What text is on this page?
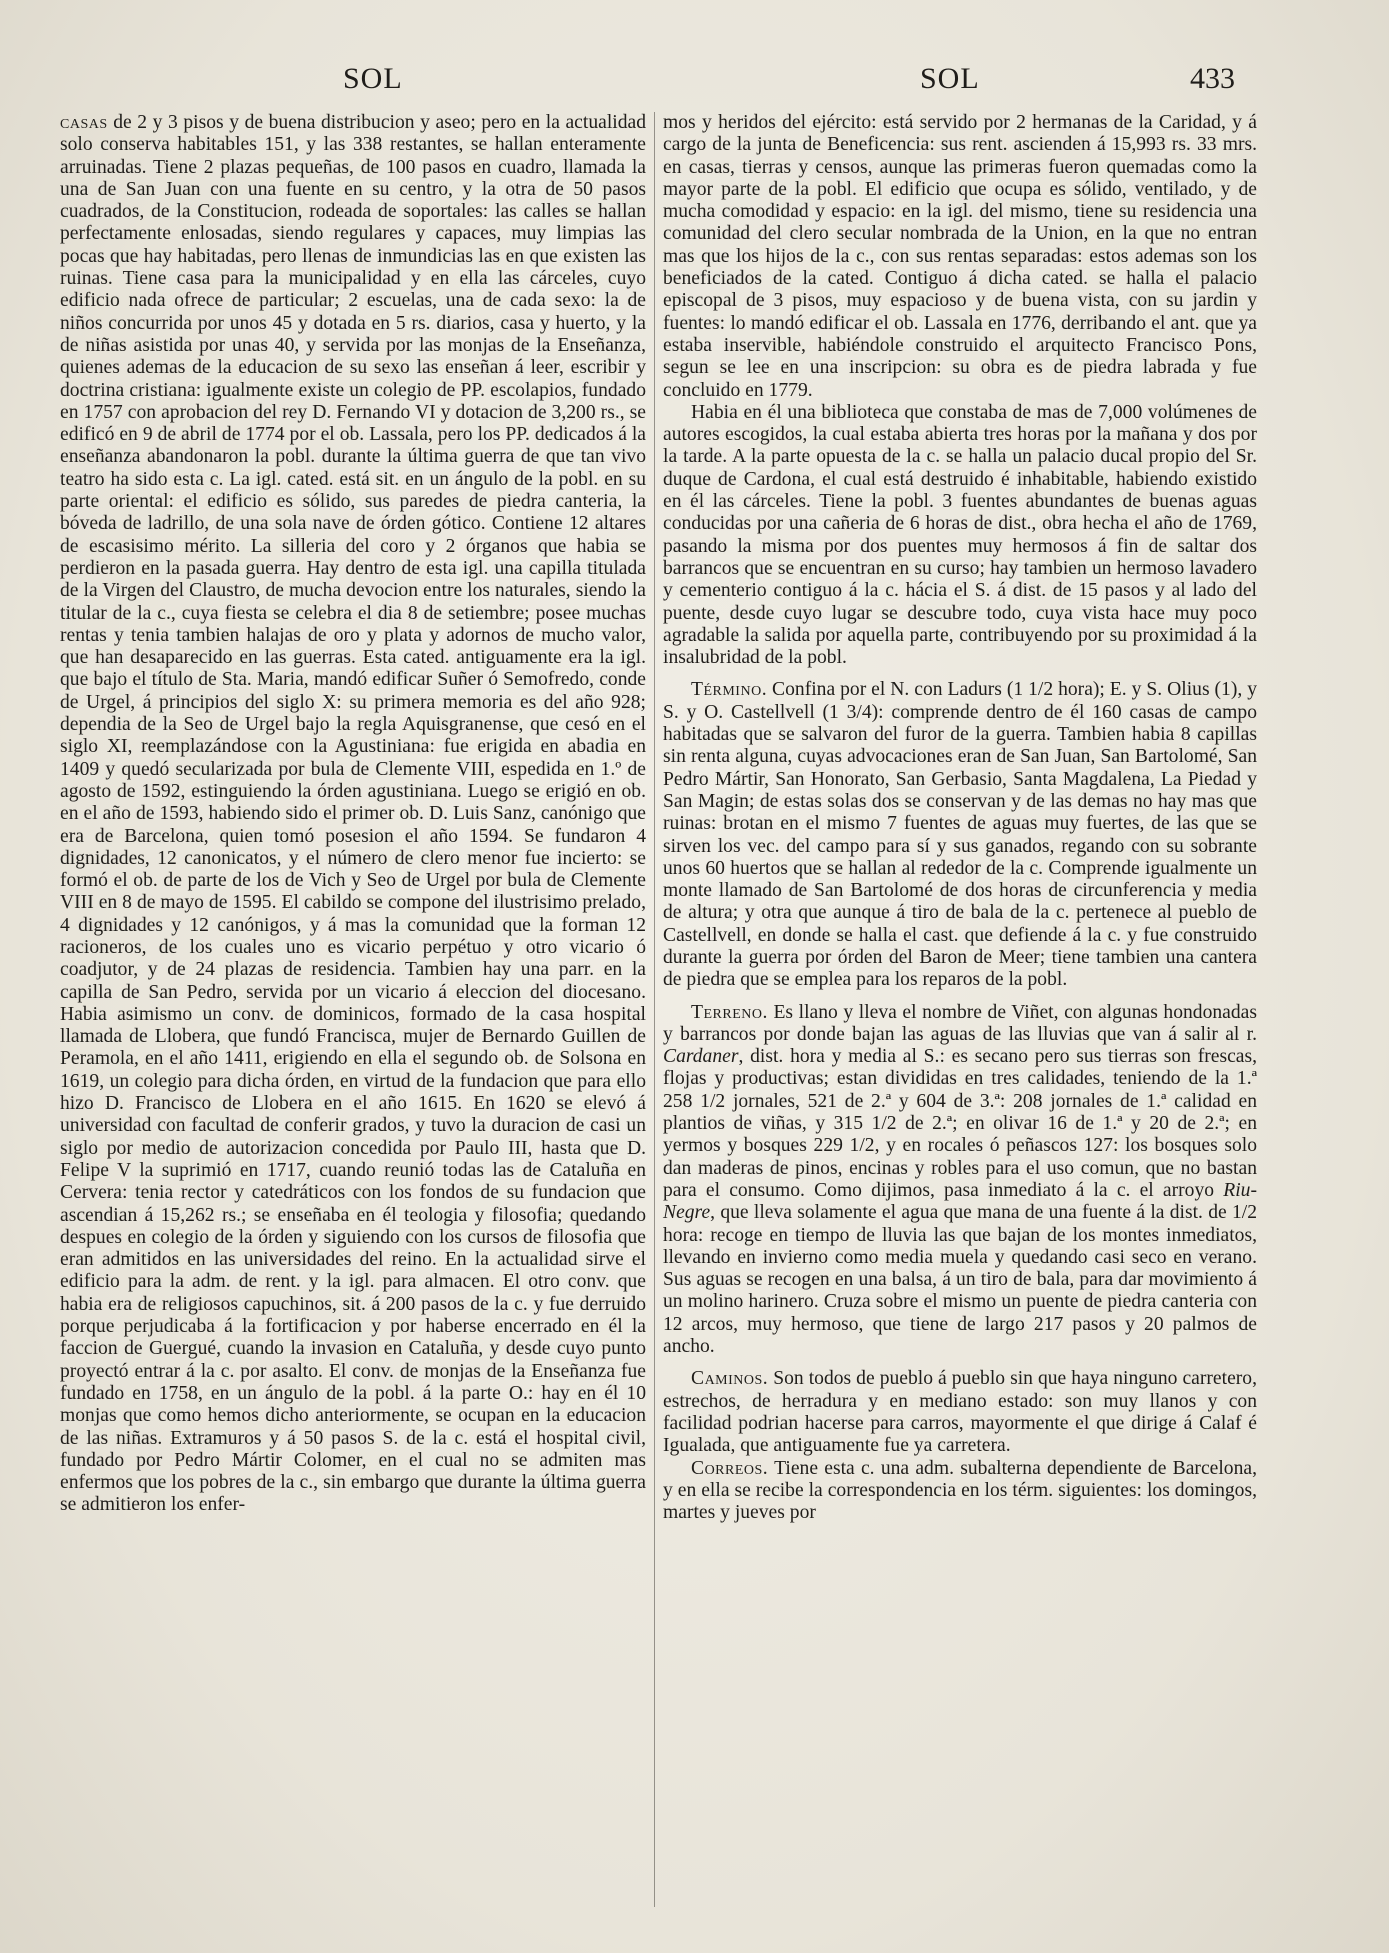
SOL	SOL	433

casas de 2 y 3 pisos y de buena distribucion y aseo; pero en la actualidad solo conserva habitables 151, y las 338 restantes, se hallan enteramente arruinadas. Tiene 2 plazas pequeñas, de 100 pasos en cuadro, llamada la una de San Juan con una fuente en su centro, y la otra de 50 pasos cuadrados, de la Constitucion, rodeada de soportales: las calles se hallan perfectamente enlosadas, siendo regulares y capaces, muy limpias las pocas que hay habitadas, pero llenas de inmundicias las en que existen las ruinas. Tiene casa para la municipalidad y en ella las cárceles, cuyo edificio nada ofrece de particular; 2 escuelas, una de cada sexo: la de niños concurrida por unos 45 y dotada en 5 rs. diarios, casa y huerto, y la de niñas asistida por unas 40, y servida por las monjas de la Enseñanza, quienes ademas de la educacion de su sexo las enseñan á leer, escribir y doctrina cristiana: igualmente existe un colegio de PP. escolapios, fundado en 1757 con aprobacion del rey D. Fernando VI y dotacion de 3,200 rs., se edificó en 9 de abril de 1774 por el ob. Lassala, pero los PP. dedicados á la enseñanza abandonaron la pobl. durante la última guerra de que tan vivo teatro ha sido esta c. La igl. cated. está sit. en un ángulo de la pobl. en su parte oriental: el edificio es sólido, sus paredes de piedra canteria, la bóveda de ladrillo, de una sola nave de órden gótico. Contiene 12 altares de escasisimo mérito. La silleria del coro y 2 órganos que habia se perdieron en la pasada guerra. Hay dentro de esta igl. una capilla titulada de la Virgen del Claustro, de mucha devocion entre los naturales, siendo la titular de la c., cuya fiesta se celebra el dia 8 de setiembre; posee muchas rentas y tenia tambien halajas de oro y plata y adornos de mucho valor, que han desaparecido en las guerras. Esta cated. antiguamente era la igl. que bajo el título de Sta. Maria, mandó edificar Suñer ó Semofredo, conde de Urgel, á principios del siglo X: su primera memoria es del año 928; dependia de la Seo de Urgel bajo la regla Aquisgranense, que cesó en el siglo XI, reemplazándose con la Agustiniana: fue erigida en abadia en 1409 y quedó secularizada por bula de Clemente VIII, espedida en 1.º de agosto de 1592, estinguiendo la órden agustiniana. Luego se erigió en ob. en el año de 1593, habiendo sido el primer ob. D. Luis Sanz, canónigo que era de Barcelona, quien tomó posesion el año 1594. Se fundaron 4 dignidades, 12 canonicatos, y el número de clero menor fue incierto: se formó el ob. de parte de los de Vich y Seo de Urgel por bula de Clemente VIII en 8 de mayo de 1595. El cabildo se compone del ilustrisimo prelado, 4 dignidades y 12 canónigos, y á mas la comunidad que la forman 12 racioneros, de los cuales uno es vicario perpétuo y otro vicario ó coadjutor, y de 24 plazas de residencia. Tambien hay una parr. en la capilla de San Pedro, servida por un vicario á eleccion del diocesano. Habia asimismo un conv. de dominicos, formado de la casa hospital llamada de Llobera, que fundó Francisca, mujer de Bernardo Guillen de Peramola, en el año 1411, erigiendo en ella el segundo ob. de Solsona en 1619, un colegio para dicha órden, en virtud de la fundacion que para ello hizo D. Francisco de Llobera en el año 1615. En 1620 se elevó á universidad con facultad de conferir grados, y tuvo la duracion de casi un siglo por medio de autorizacion concedida por Paulo III, hasta que D. Felipe V la suprimió en 1717, cuando reunió todas las de Cataluña en Cervera: tenia rector y catedráticos con los fondos de su fundacion que ascendian á 15,262 rs.; se enseñaba en él teologia y filosofia; quedando despues en colegio de la órden y siguiendo con los cursos de filosofia que eran admitidos en las universidades del reino. En la actualidad sirve el edificio para la adm. de rent. y la igl. para almacen. El otro conv. que habia era de religiosos capuchinos, sit. á 200 pasos de la c. y fue derruido porque perjudicaba á la fortificacion y por haberse encerrado en él la faccion de Guergué, cuando la invasion en Cataluña, y desde cuyo punto proyectó entrar á la c. por asalto. El conv. de monjas de la Enseñanza fue fundado en 1758, en un ángulo de la pobl. á la parte O.: hay en él 10 monjas que como hemos dicho anteriormente, se ocupan en la educacion de las niñas. Extramuros y á 50 pasos S. de la c. está el hospital civil, fundado por Pedro Mártir Colomer, en el cual no se admiten mas enfermos que los pobres de la c., sin embargo que durante la última guerra se admitieron los enfer-

mos y heridos del ejército: está servido por 2 hermanas de la Caridad, y á cargo de la junta de Beneficencia: sus rent. ascienden á 15,993 rs. 33 mrs. en casas, tierras y censos, aunque las primeras fueron quemadas como la mayor parte de la pobl. El edificio que ocupa es sólido, ventilado, y de mucha comodidad y espacio: en la igl. del mismo, tiene su residencia una comunidad del clero secular nombrada de la Union, en la que no entran mas que los hijos de la c., con sus rentas separadas: estos ademas son los beneficiados de la cated. Contiguo á dicha cated. se halla el palacio episcopal de 3 pisos, muy espacioso y de buena vista, con su jardin y fuentes: lo mandó edificar el ob. Lassala en 1776, derribando el ant. que ya estaba inservible, habiéndole construido el arquitecto Francisco Pons, segun se lee en una inscripcion: su obra es de piedra labrada y fue concluido en 1779.

Habia en él una biblioteca que constaba de mas de 7,000 volúmenes de autores escogidos, la cual estaba abierta tres horas por la mañana y dos por la tarde. A la parte opuesta de la c. se halla un palacio ducal propio del Sr. duque de Cardona, el cual está destruido é inhabitable, habiendo existido en él las cárceles. Tiene la pobl. 3 fuentes abundantes de buenas aguas conducidas por una cañeria de 6 horas de dist., obra hecha el año de 1769, pasando la misma por dos puentes muy hermosos á fin de saltar dos barrancos que se encuentran en su curso; hay tambien un hermoso lavadero y cementerio contiguo á la c. hácia el S. á dist. de 15 pasos y al lado del puente, desde cuyo lugar se descubre todo, cuya vista hace muy poco agradable la salida por aquella parte, contribuyendo por su proximidad á la insalubridad de la pobl.

Término. Confina por el N. con Ladurs (1 1/2 hora); E. y S. Olius (1), y S. y O. Castellvell (1 3/4): comprende dentro de él 160 casas de campo habitadas que se salvaron del furor de la guerra. Tambien habia 8 capillas sin renta alguna, cuyas advocaciones eran de San Juan, San Bartolomé, San Pedro Mártir, San Honorato, San Gerbasio, Santa Magdalena, La Piedad y San Magin; de estas solas dos se conservan y de las demas no hay mas que ruinas: brotan en el mismo 7 fuentes de aguas muy fuertes, de las que se sirven los vec. del campo para sí y sus ganados, regando con su sobrante unos 60 huertos que se hallan al rededor de la c. Comprende igualmente un monte llamado de San Bartolomé de dos horas de circunferencia y media de altura; y otra que aunque á tiro de bala de la c. pertenece al pueblo de Castellvell, en donde se halla el cast. que defiende á la c. y fue construido durante la guerra por órden del Baron de Meer; tiene tambien una cantera de piedra que se emplea para los reparos de la pobl.

Terreno. Es llano y lleva el nombre de Viñet, con algunas hondonadas y barrancos por donde bajan las aguas de las lluvias que van á salir al r. Cardaner, dist. hora y media al S.: es secano pero sus tierras son frescas, flojas y productivas; estan divididas en tres calidades, teniendo de la 1.ª 258 1/2 jornales, 521 de 2.ª y 604 de 3.ª: 208 jornales de 1.ª calidad en plantios de viñas, y 315 1/2 de 2.ª; en olivar 16 de 1.ª y 20 de 2.ª; en yermos y bosques 229 1/2, y en rocales ó peñascos 127: los bosques solo dan maderas de pinos, encinas y robles para el uso comun, que no bastan para el consumo. Como dijimos, pasa inmediato á la c. el arroyo Riu-Negre, que lleva solamente el agua que mana de una fuente á la dist. de 1/2 hora: recoge en tiempo de lluvia las que bajan de los montes inmediatos, llevando en invierno como media muela y quedando casi seco en verano. Sus aguas se recogen en una balsa, á un tiro de bala, para dar movimiento á un molino harinero. Cruza sobre el mismo un puente de piedra canteria con 12 arcos, muy hermoso, que tiene de largo 217 pasos y 20 palmos de ancho.

Caminos. Son todos de pueblo á pueblo sin que haya ninguno carretero, estrechos, de herradura y en mediano estado: son muy llanos y con facilidad podrian hacerse para carros, mayormente el que dirige á Calaf é Igualada, que antiguamente fue ya carretera.

Correos. Tiene esta c. una adm. subalterna dependiente de Barcelona, y en ella se recibe la correspondencia en los térm. siguientes: los domingos, martes y jueves por
